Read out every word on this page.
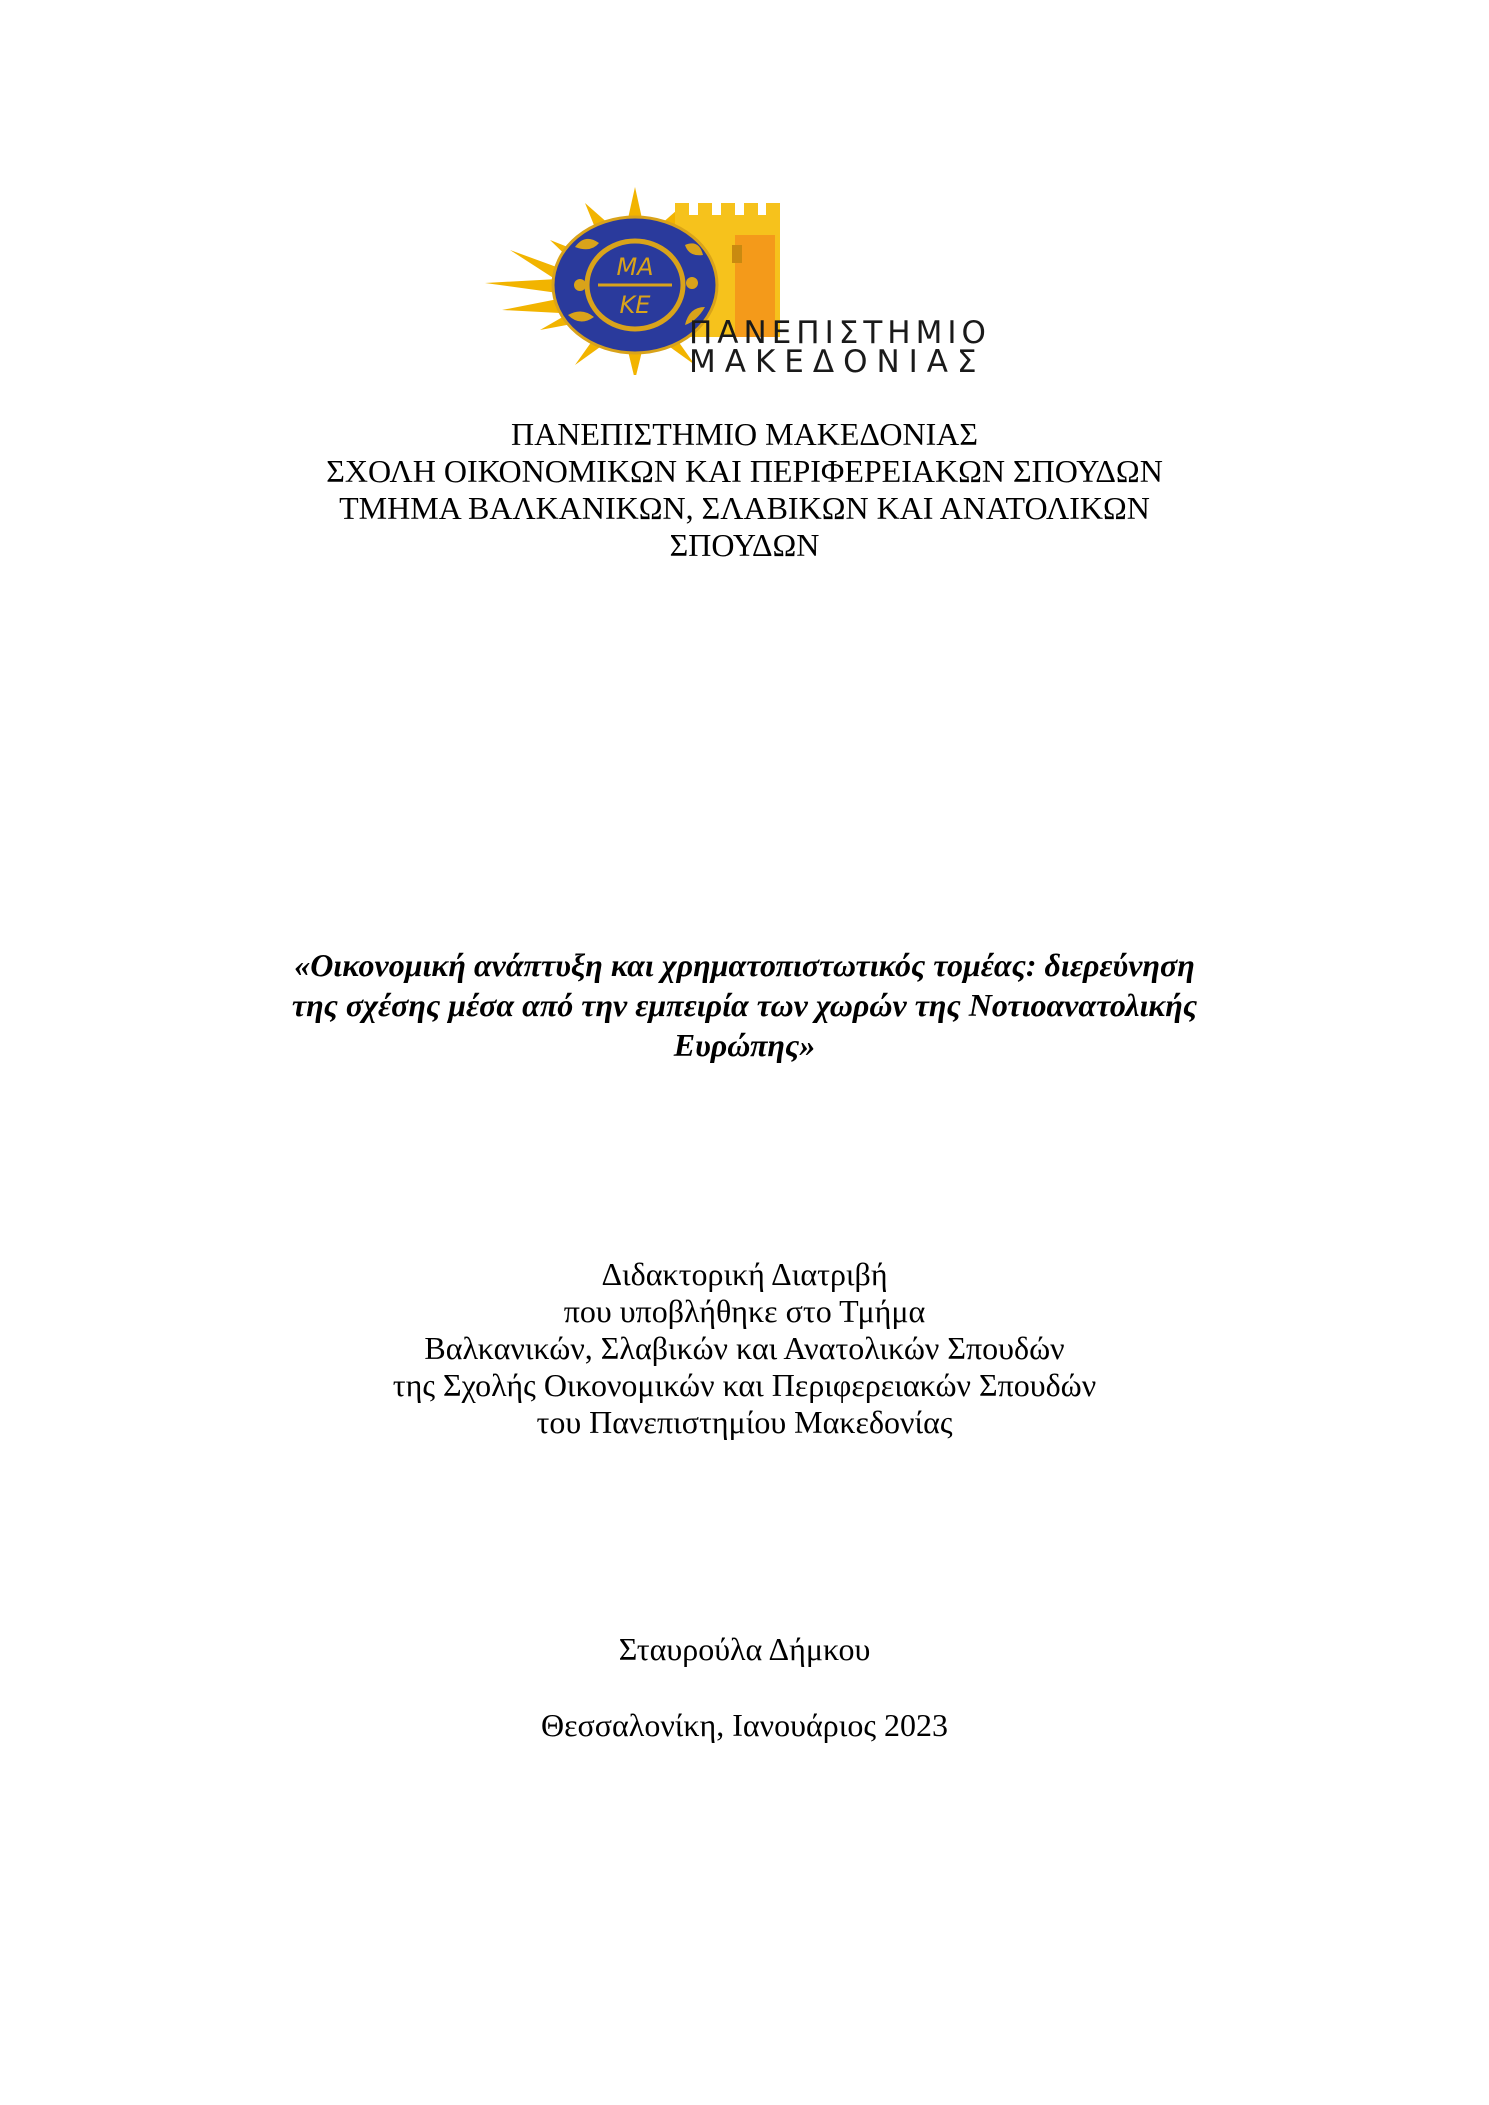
ΜΑ
ΚΕ
ΠΑΝΕΠΙΣΤΗΜΙΟ
ΜΑΚΕΔΟΝΙΑΣ
ΠΑΝΕΠΙΣΤΗΜΙΟ ΜΑΚΕΔΟΝΙΑΣ
ΣΧΟΛΗ ΟΙΚΟΝΟΜΙΚΩΝ ΚΑΙ ΠΕΡΙΦΕΡΕΙΑΚΩΝ ΣΠΟΥΔΩΝ
ΤΜΗΜΑ ΒΑΛΚΑΝΙΚΩΝ, ΣΛΑΒΙΚΩΝ ΚΑΙ ΑΝΑΤΟΛΙΚΩΝ
ΣΠΟΥΔΩΝ
«Οικονομική ανάπτυξη και χρηματοπιστωτικός τομέας: διερεύνηση
της σχέσης μέσα από την εμπειρία των χωρών της Νοτιοανατολικής
Ευρώπης»
Διδακτορική Διατριβή
που υποβλήθηκε στο Τμήμα
Βαλκανικών, Σλαβικών και Ανατολικών Σπουδών
της Σχολής Οικονομικών και Περιφερειακών Σπουδών
του Πανεπιστημίου Μακεδονίας
Σταυρούλα Δήμκου
Θεσσαλονίκη, Ιανουάριος 2023
